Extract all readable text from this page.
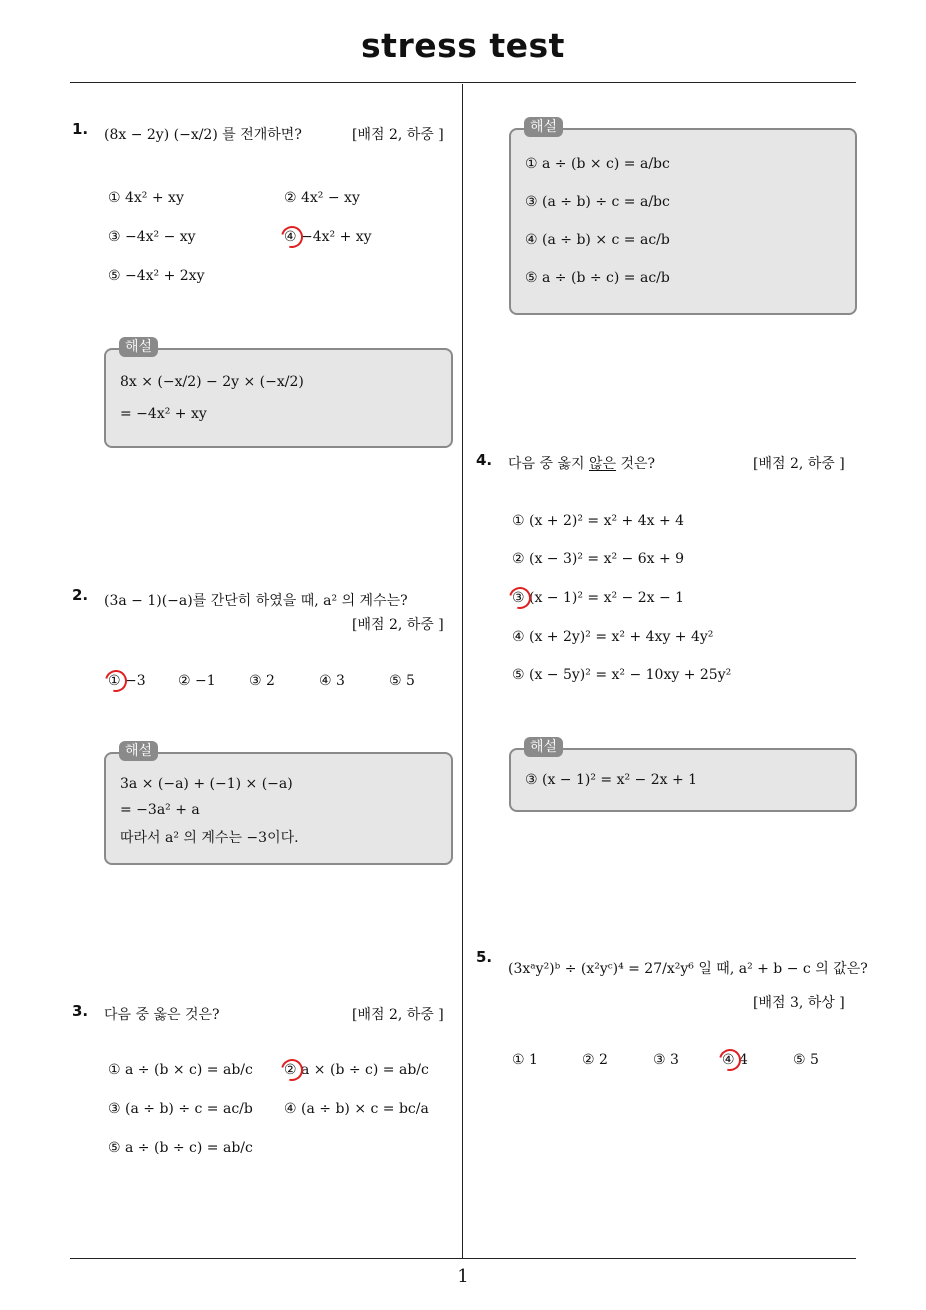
stress test
1
1. (8x − 2y) (−x/2) 를 전개하면?	[배점 2, 하중 ]
① 4x² + xy	② 4x² − xy
③ −4x² − xy	④ −4x² + xy
⑤ −4x² + 2xy
8x × (−x/2) − 2y × (−x/2)
= −4x² + xy
해설
2. (3a − 1)(−a)를 간단히 하였을 때, a² 의 계수는?
[배점 2, 하중 ]
① −3 ② −1 ③ 2	④ 3	⑤ 5
3a × (−a) + (−1) × (−a)
= −3a² + a
따라서 a² 의 계수는 −3이다.
해설
3. 다음 중 옳은 것은?	[배점 2, 하중 ]
① a ÷ (b × c) = ab/c ② a × (b ÷ c) = ab/c
③ (a ÷ b) ÷ c = ac/b ④ (a ÷ b) × c = bc/a
⑤ a ÷ (b ÷ c) = ab/c
① a ÷ (b × c) = a/bc
③ (a ÷ b) ÷ c = a/bc
④ (a ÷ b) × c = ac/b
⑤ a ÷ (b ÷ c) = ac/b
해설
4. 다음 중 옳지 않은 것은?	[배점 2, 하중 ]
① (x + 2)² = x² + 4x + 4
② (x − 3)² = x² − 6x + 9
③ (x − 1)² = x² − 2x − 1
④ (x + 2y)² = x² + 4xy + 4y²
⑤ (x − 5y)² = x² − 10xy + 25y²
③ (x − 1)² = x² − 2x + 1
해설
5.
(3xᵃy²)ᵇ ÷ (x²yᶜ)⁴ = 27/x²y⁶ 일 때, a² + b − c 의 값은?
[배점 3, 하상 ]
① 1	② 2	③ 3	④ 4	⑤ 5
